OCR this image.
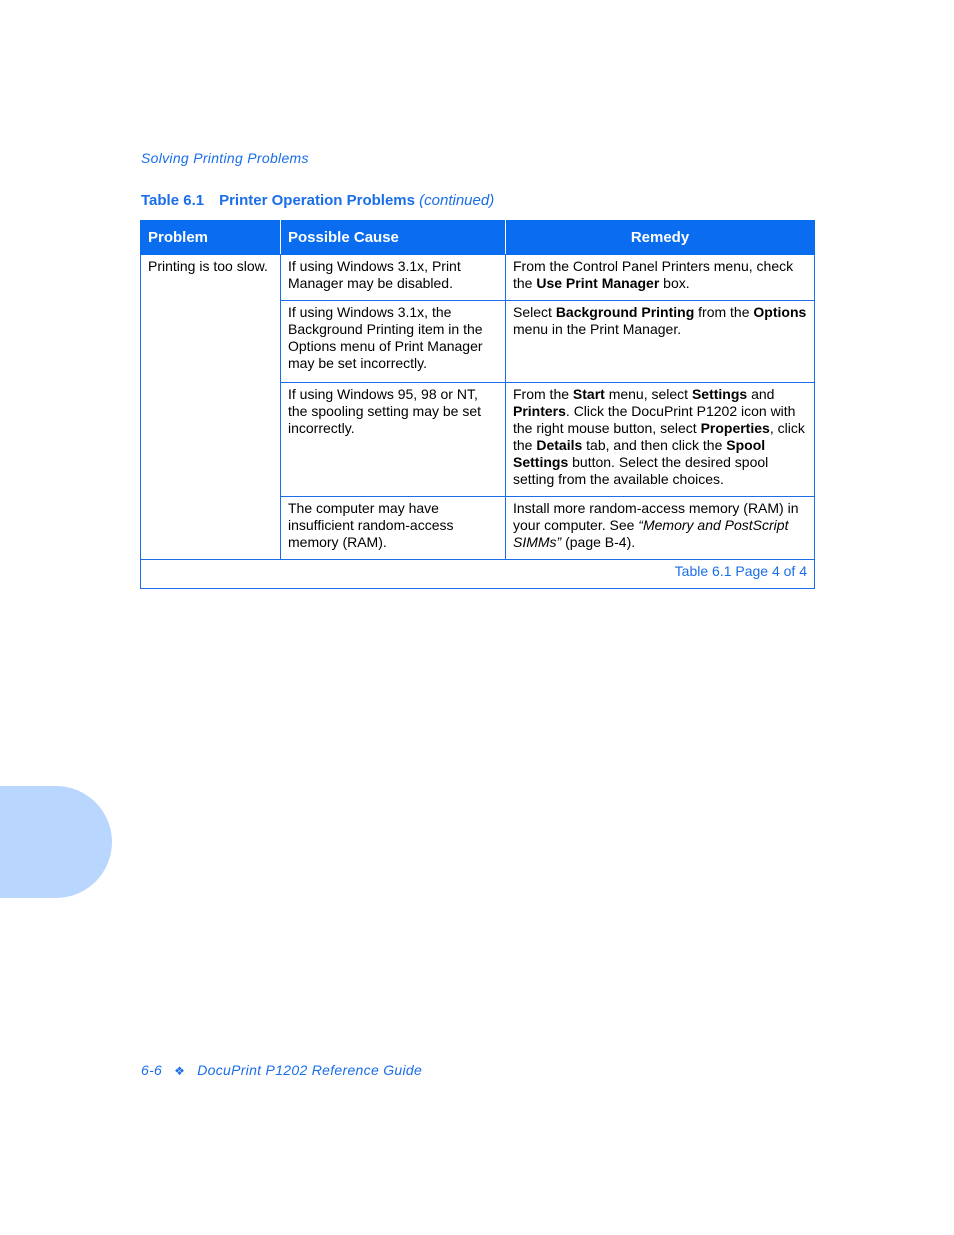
Solving Printing Problems
Table 6.1 Printer Operation Problems (continued)
Problem	Possible Cause	Remedy
Printing is too slow.	If using Windows 3.1x, Print Manager may be disabled.	From the Control Panel Printers menu, check the Use Print Manager box.
	If using Windows 3.1x, the Background Printing item in the Options menu of Print Manager may be set incorrectly.	Select Background Printing from the Options menu in the Print Manager.
	If using Windows 95, 98 or NT, the spooling setting may be set incorrectly.	From the Start menu, select Settings and Printers. Click the DocuPrint P1202 icon with the right mouse button, select Properties, click the Details tab, and then click the Spool Settings button. Select the desired spool setting from the available choices.
	The computer may have insufficient random-access memory (RAM).	Install more random-access memory (RAM) in your computer. See “Memory and PostScript SIMMs” (page B-4).
Table 6.1 Page 4 of 4		
6-6 ❖ DocuPrint P1202 Reference Guide
